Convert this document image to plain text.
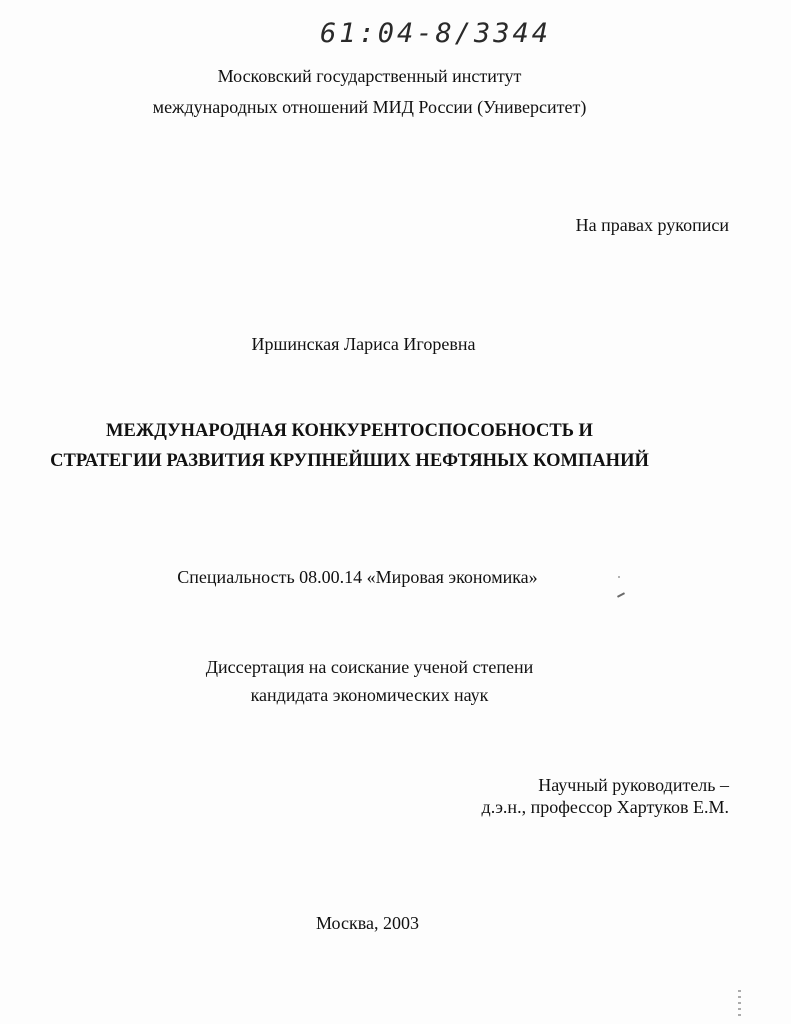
61:04-8/3344
Московский государственный институт
международных отношений МИД России (Университет)
На правах рукописи
Иршинская Лариса Игоревна
МЕЖДУНАРОДНАЯ КОНКУРЕНТОСПОСОБНОСТЬ И
СТРАТЕГИИ РАЗВИТИЯ КРУПНЕЙШИХ НЕФТЯНЫХ КОМПАНИЙ
Специальность 08.00.14 «Мировая экономика»
Диссертация на соискание ученой степени
кандидата экономических наук
Научный руководитель –
д.э.н., профессор Хартуков Е.М.
Москва, 2003
